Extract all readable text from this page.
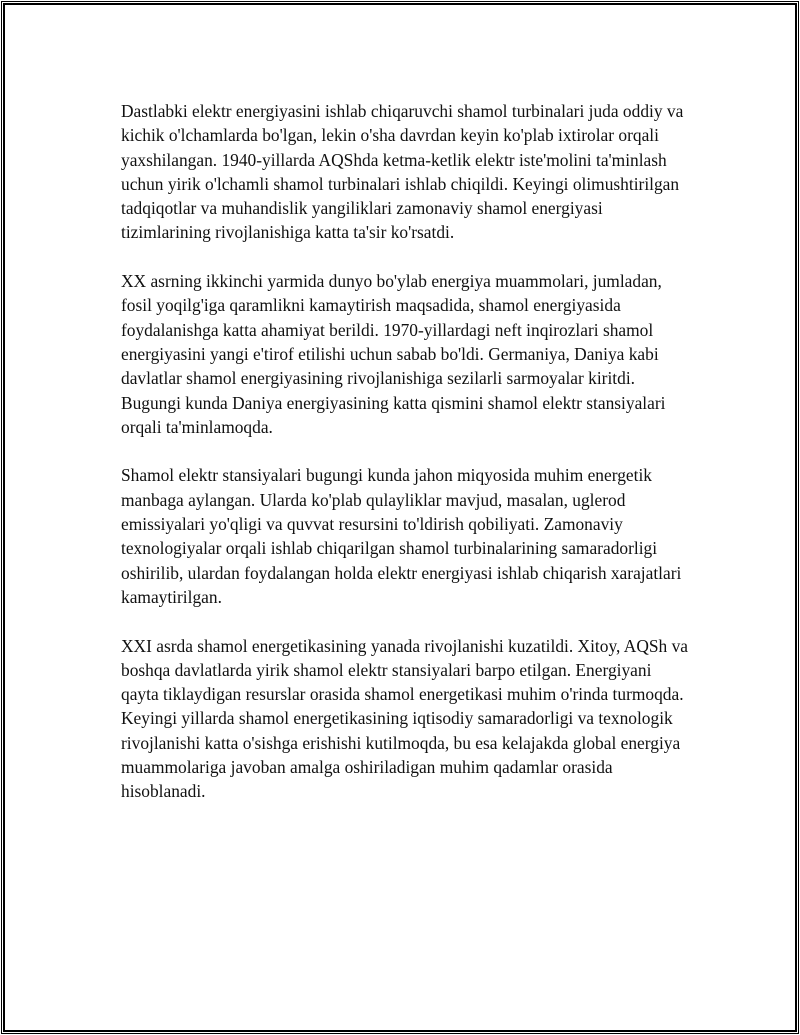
Dastlabki elektr energiyasini ishlab chiqaruvchi shamol turbinalari juda oddiy va kichik o'lchamlarda bo'lgan, lekin o'sha davrdan keyin ko'plab ixtirolar orqali yaxshilangan. 1940-yillarda AQShda ketma-ketlik elektr iste'molini ta'minlash uchun yirik o'lchamli shamol turbinalari ishlab chiqildi. Keyingi olimushtirilgan tadqiqotlar va muhandislik yangiliklari zamonaviy shamol energiyasi tizimlarining rivojlanishiga katta ta'sir ko'rsatdi.

XX asrning ikkinchi yarmida dunyo bo'ylab energiya muammolari, jumladan, fosil yoqilg'iga qaramlikni kamaytirish maqsadida, shamol energiyasida foydalanishga katta ahamiyat berildi. 1970-yillardagi neft inqirozlari shamol energiyasini yangi e'tirof etilishi uchun sabab bo'ldi. Germaniya, Daniya kabi davlatlar shamol energiyasining rivojlanishiga sezilarli sarmoyalar kiritdi. Bugungi kunda Daniya energiyasining katta qismini shamol elektr stansiyalari orqali ta'minlamoqda.

Shamol elektr stansiyalari bugungi kunda jahon miqyosida muhim energetik manbaga aylangan. Ularda ko'plab qulayliklar mavjud, masalan, uglerod emissiyalari yo'qligi va quvvat resursini to'ldirish qobiliyati. Zamonaviy texnologiyalar orqali ishlab chiqarilgan shamol turbinalarining samaradorligi oshirilib, ulardan foydalangan holda elektr energiyasi ishlab chiqarish xarajatlari kamaytirilgan.

XXI asrda shamol energetikasining yanada rivojlanishi kuzatildi. Xitoy, AQSh va boshqa davlatlarda yirik shamol elektr stansiyalari barpo etilgan. Energiyani qayta tiklaydigan resurslar orasida shamol energetikasi muhim o'rinda turmoqda. Keyingi yillarda shamol energetikasining iqtisodiy samaradorligi va texnologik rivojlanishi katta o'sishga erishishi kutilmoqda, bu esa kelajakda global energiya muammolariga javoban amalga oshiriladigan muhim qadamlar orasida hisoblanadi.
